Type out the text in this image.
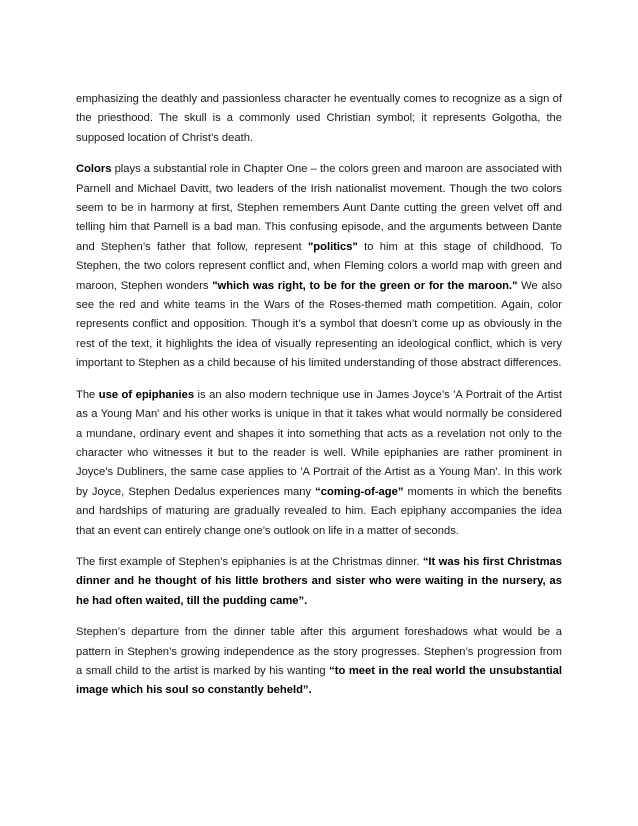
emphasizing the deathly and passionless character he eventually comes to recognize as a sign of the priesthood. The skull is a commonly used Christian symbol; it represents Golgotha, the supposed location of Christ’s death.

Colors plays a substantial role in Chapter One – the colors green and maroon are associated with Parnell and Michael Davitt, two leaders of the Irish nationalist movement. Though the two colors seem to be in harmony at first, Stephen remembers Aunt Dante cutting the green velvet off and telling him that Parnell is a bad man. This confusing episode, and the arguments between Dante and Stephen’s father that follow, represent "politics" to him at this stage of childhood. To Stephen, the two colors represent conflict and, when Fleming colors a world map with green and maroon, Stephen wonders "which was right, to be for the green or for the maroon." We also see the red and white teams in the Wars of the Roses-themed math competition. Again, color represents conflict and opposition. Though it’s a symbol that doesn’t come up as obviously in the rest of the text, it highlights the idea of visually representing an ideological conflict, which is very important to Stephen as a child because of his limited understanding of those abstract differences.

The use of epiphanies is an also modern technique use in James Joyce’s 'A Portrait of the Artist as a Young Man' and his other works is unique in that it takes what would normally be considered a mundane, ordinary event and shapes it into something that acts as a revelation not only to the character who witnesses it but to the reader is well. While epiphanies are rather prominent in Joyce’s Dubliners, the same case applies to 'A Portrait of the Artist as a Young Man'. In this work by Joyce, Stephen Dedalus experiences many “coming-of-age” moments in which the benefits and hardships of maturing are gradually revealed to him. Each epiphany accompanies the idea that an event can entirely change one’s outlook on life in a matter of seconds.

The first example of Stephen’s epiphanies is at the Christmas dinner. “It was his first Christmas dinner and he thought of his little brothers and sister who were waiting in the nursery, as he had often waited, till the pudding came”.

Stephen’s departure from the dinner table after this argument foreshadows what would be a pattern in Stephen’s growing independence as the story progresses. Stephen’s progression from a small child to the artist is marked by his wanting “to meet in the real world the unsubstantial image which his soul so constantly beheld”.
